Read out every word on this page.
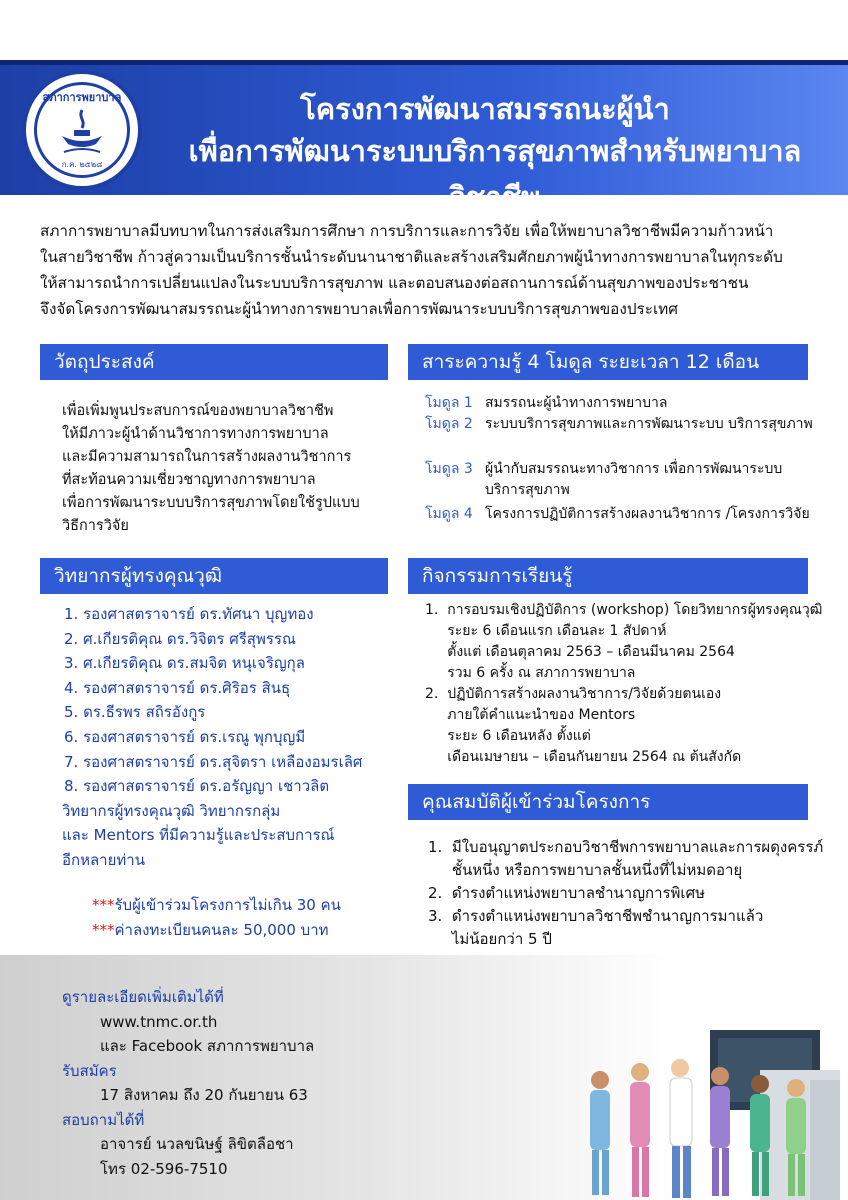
สภาการพยาบาล
ก.ค. ๒๕๒๘
โครงการพัฒนาสมรรถนะผู้นำ
เพื่อการพัฒนาระบบบริการสุขภาพสำหรับพยาบาลวิชาชีพ
สภาการพยาบาลมีบทบาทในการส่งเสริมการศึกษา การบริการและการวิจัย เพื่อให้พยาบาลวิชาชีพมีความก้าวหน้า
ในสายวิชาชีพ ก้าวสู่ความเป็นบริการชั้นนำระดับนานาชาติและสร้างเสริมศักยภาพผู้นำทางการพยาบาลในทุกระดับ
ให้สามารถนำการเปลี่ยนแปลงในระบบบริการสุขภาพ และตอบสนองต่อสถานการณ์ด้านสุขภาพของประชาชน
จึงจัดโครงการพัฒนาสมรรถนะผู้นำทางการพยาบาลเพื่อการพัฒนาระบบบริการสุขภาพของประเทศ
วัตถุประสงค์
เพื่อเพิ่มพูนประสบการณ์ของพยาบาลวิชาชีพ
ให้มีภาวะผู้นำด้านวิชาการทางการพยาบาล
และมีความสามารถในการสร้างผลงานวิชาการ
ที่สะท้อนความเชี่ยวชาญทางการพยาบาล
เพื่อการพัฒนาระบบบริการสุขภาพโดยใช้รูปแบบ
วิธีการวิจัย
สาระความรู้ 4 โมดูล ระยะเวลา 12 เดือน
โมดูล 1 สมรรถนะผู้นำทางการพยาบาล
โมดูล 2 ระบบบริการสุขภาพและการพัฒนาระบบ บริการสุขภาพ
โมดูล 3 ผู้นำกับสมรรถนะทางวิชาการ เพื่อการพัฒนาระบบบริการสุขภาพ
โมดูล 4 โครงการปฏิบัติการสร้างผลงานวิชาการ /โครงการวิจัย
วิทยากรผู้ทรงคุณวุฒิ
1. รองศาสตราจารย์ ดร.ทัศนา บุญทอง
2. ศ.เกียรติคุณ ดร.วิจิตร ศรีสุพรรณ
3. ศ.เกียรติคุณ ดร.สมจิต หนุเจริญกุล
4. รองศาสตราจารย์ ดร.ศิริอร สินธุ
5. ดร.ธีรพร สถิรอังกูร
6. รองศาสตราจารย์ ดร.เรณู พุกบุญมี
7. รองศาสตราจารย์ ดร.สุจิตรา เหลืองอมรเลิศ
8. รองศาสตราจารย์ ดร.อรัญญา เชาวลิต
วิทยากรผู้ทรงคุณวุฒิ วิทยากรกลุ่ม
และ Mentors ที่มีความรู้และประสบการณ์
อีกหลายท่าน
***รับผู้เข้าร่วมโครงการไม่เกิน 30 คน
***ค่าลงทะเบียนคนละ 50,000 บาท
กิจกรรมการเรียนรู้
1.  การอบรมเชิงปฏิบัติการ (workshop) โดยวิทยากรผู้ทรงคุณวุฒิ
ระยะ 6 เดือนแรก เดือนละ 1 สัปดาห์
ตั้งแต่ เดือนตุลาคม 2563 – เดือนมีนาคม 2564
รวม 6 ครั้ง ณ สภาการพยาบาล
2.  ปฏิบัติการสร้างผลงานวิชาการ/วิจัยด้วยตนเอง
ภายใต้คำแนะนำของ Mentors
ระยะ 6 เดือนหลัง ตั้งแต่
เดือนเมษายน – เดือนกันยายน 2564 ณ ต้นสังกัด
คุณสมบัติผู้เข้าร่วมโครงการ
1.  มีใบอนุญาตประกอบวิชาชีพการพยาบาลและการผดุงครรภ์
ชั้นหนึ่ง หรือการพยาบาลชั้นหนึ่งที่ไม่หมดอายุ
2.  ดำรงตำแหน่งพยาบาลชำนาญการพิเศษ
3.  ดำรงตำแหน่งพยาบาลวิชาชีพชำนาญการมาแล้ว
ไม่น้อยกว่า 5 ปี
ดูรายละเอียดเพิ่มเติมได้ที่
www.tnmc.or.th
และ Facebook สภาการพยาบาล
รับสมัคร
17 สิงหาคม ถึง 20 กันยายน 63
สอบถามได้ที่
อาจารย์ นวลขนิษฐ์ ลิขิตลือชา
โทร 02-596-7510
